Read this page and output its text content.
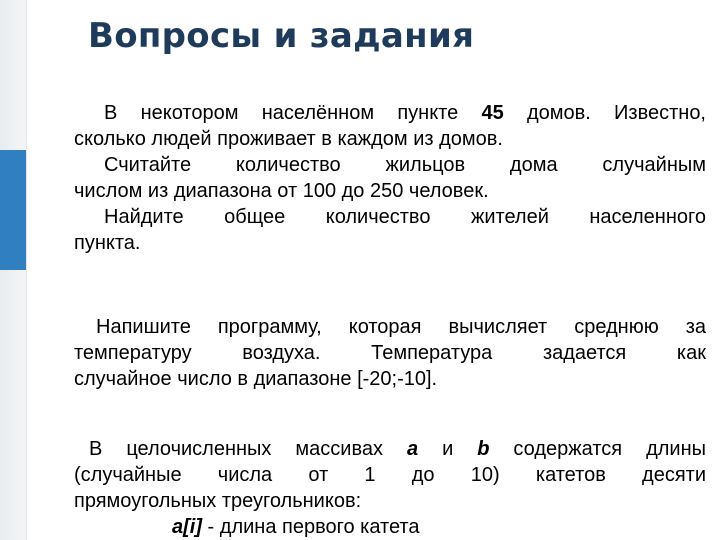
Вопросы и задания
В некотором населённом пункте 45 домов. Известно,
сколько людей проживает в каждом из домов.
Считайте количество жильцов дома случайным
числом из диапазона от 100 до 250 человек.
Найдите общее количество жителей населенного
пункта.
Напишите программу, которая вычисляет среднюю за
температуру воздуха. Температура задается как
случайное число в диапазоне [-20;-10].
В целочисленных массивах a и b содержатся длины
(случайные числа от 1 до 10) катетов десяти
прямоугольных треугольников:
a[i] - длина первого катета
